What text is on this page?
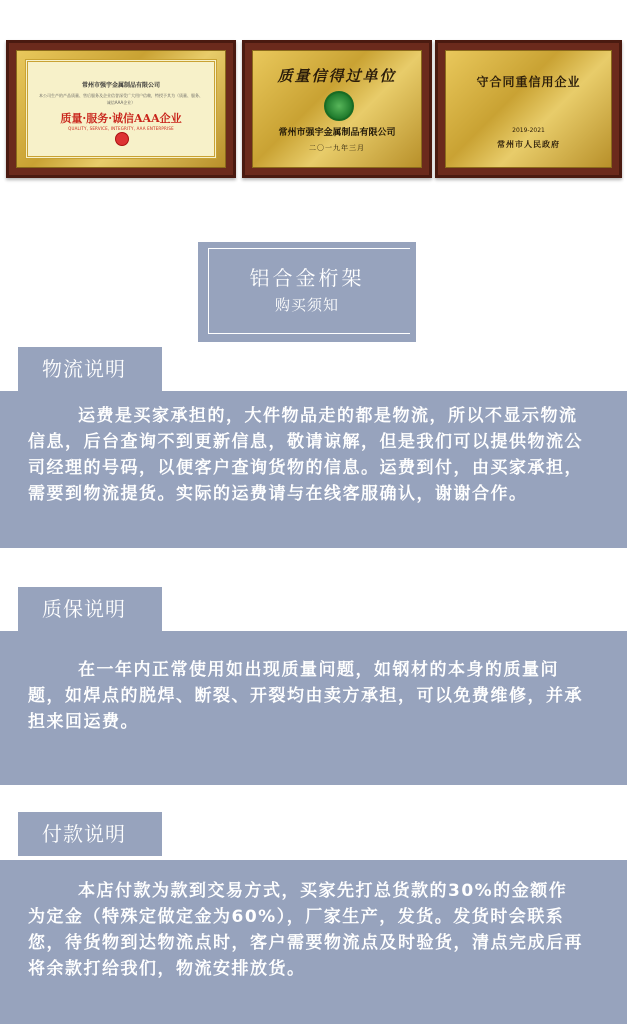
常州市强宇金属制品有限公司
本公司生产的产品质量、售后服务及企业信誉深受广大用户信赖，特授予其为（质量、服务、诚信AAA企业）
质量·服务·诚信AAA企业
QUALITY, SERVICE, INTEGRITY, AAA ENTERPRISE
质量信得过单位
常州市强宇金属制品有限公司
二〇一九年三月
守合同重信用企业
2019-2021
常州市人民政府
铝合金桁架
购买须知
物流说明

运费是买家承担的，大件物品走的都是物流，所以不显示物流信息，后台查询不到更新信息，敬请谅解，但是我们可以提供物流公司经理的号码，以便客户查询货物的信息。运费到付，由买家承担，需要到物流提货。实际的运费请与在线客服确认，谢谢合作。

质保说明

在一年内正常使用如出现质量问题，如钢材的本身的质量问题，如焊点的脱焊、断裂、开裂均由卖方承担，可以免费维修，并承担来回运费。

付款说明

本店付款为款到交易方式，买家先打总货款的30%的金额作为定金（特殊定做定金为60%），厂家生产，发货。发货时会联系您，待货物到达物流点时，客户需要物流点及时验货，清点完成后再将余款打给我们，物流安排放货。
